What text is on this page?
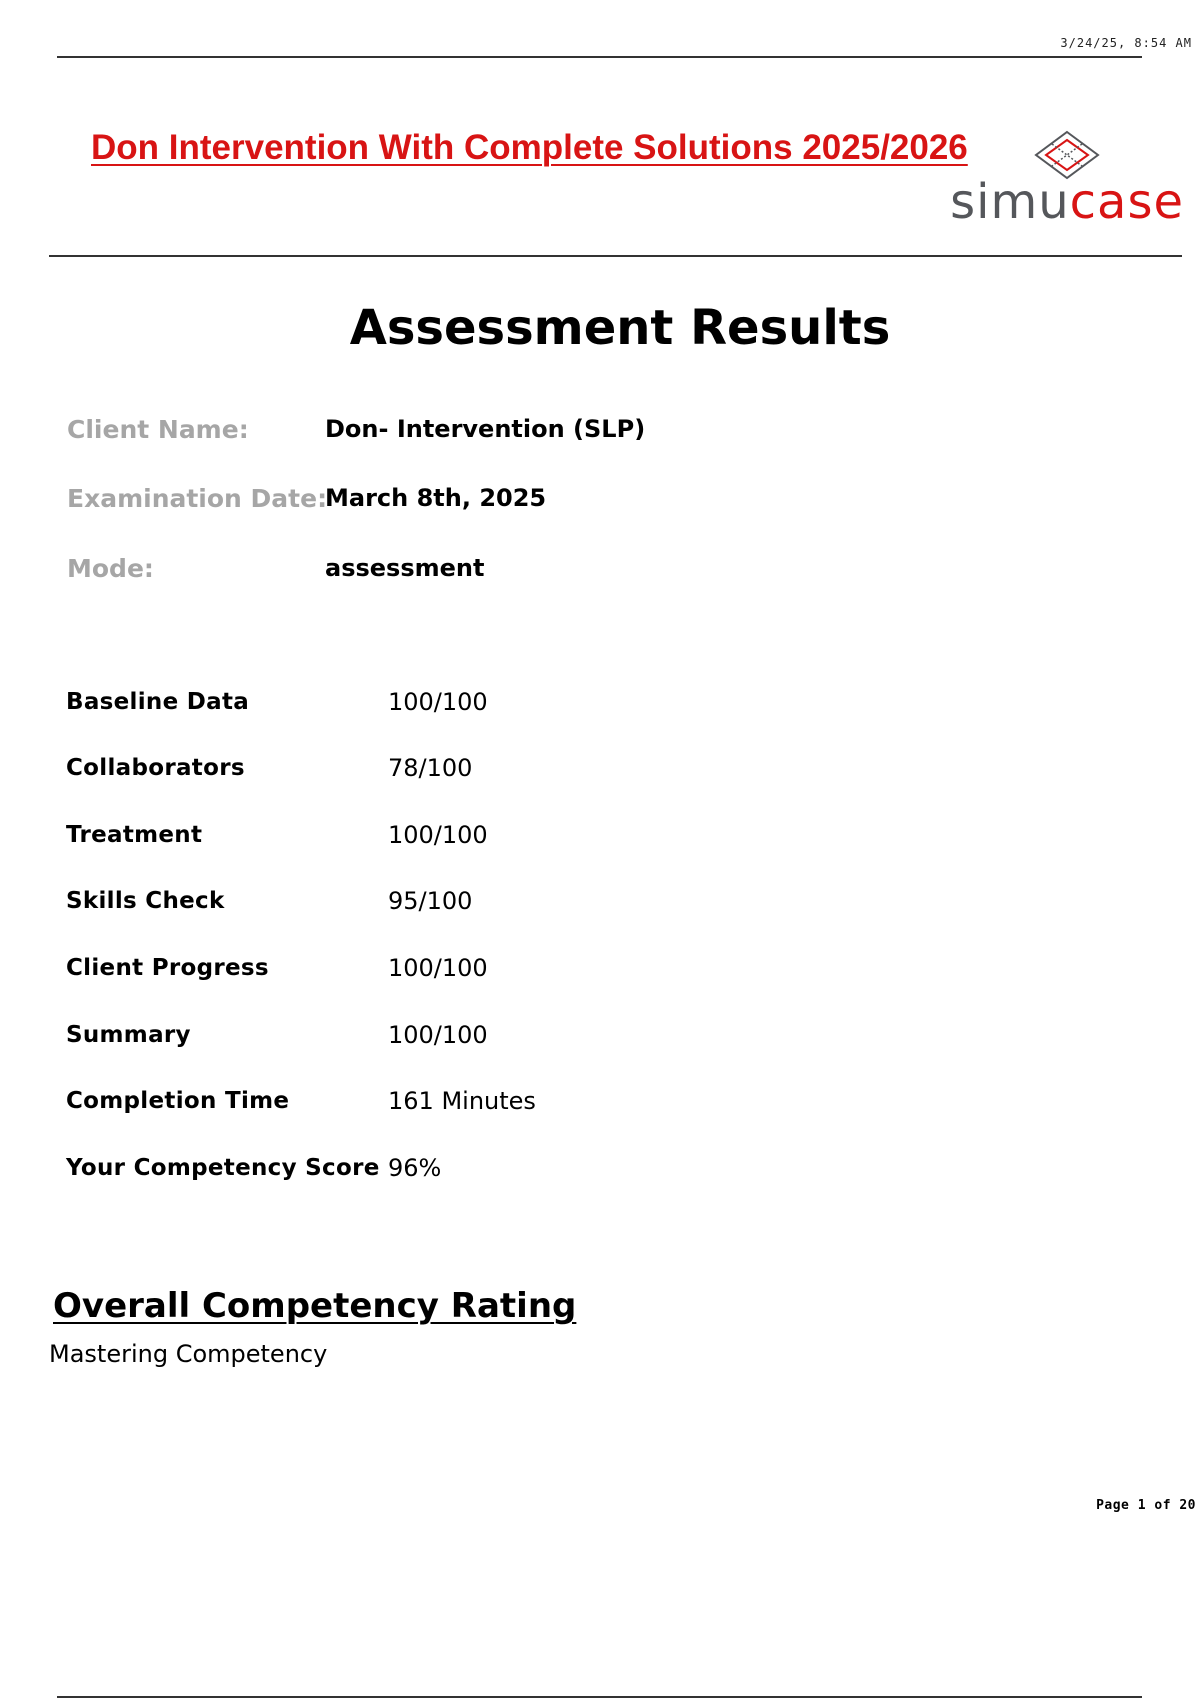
3/24/25, 8:54 AM
Don Intervention With Complete Solutions 2025/2026
simucase
Assessment Results
Client Name:	Don- Intervention (SLP)
Examination Date:
March 8th, 2025
Mode:	assessment
Baseline Data	100/100
Collaborators	78/100
Treatment	100/100
Skills Check	95/100
Client Progress	100/100
Summary	100/100
Completion Time	161 Minutes
Your Competency Score 96%
Overall Competency Rating
Mastering Competency
Page 1 of 20
